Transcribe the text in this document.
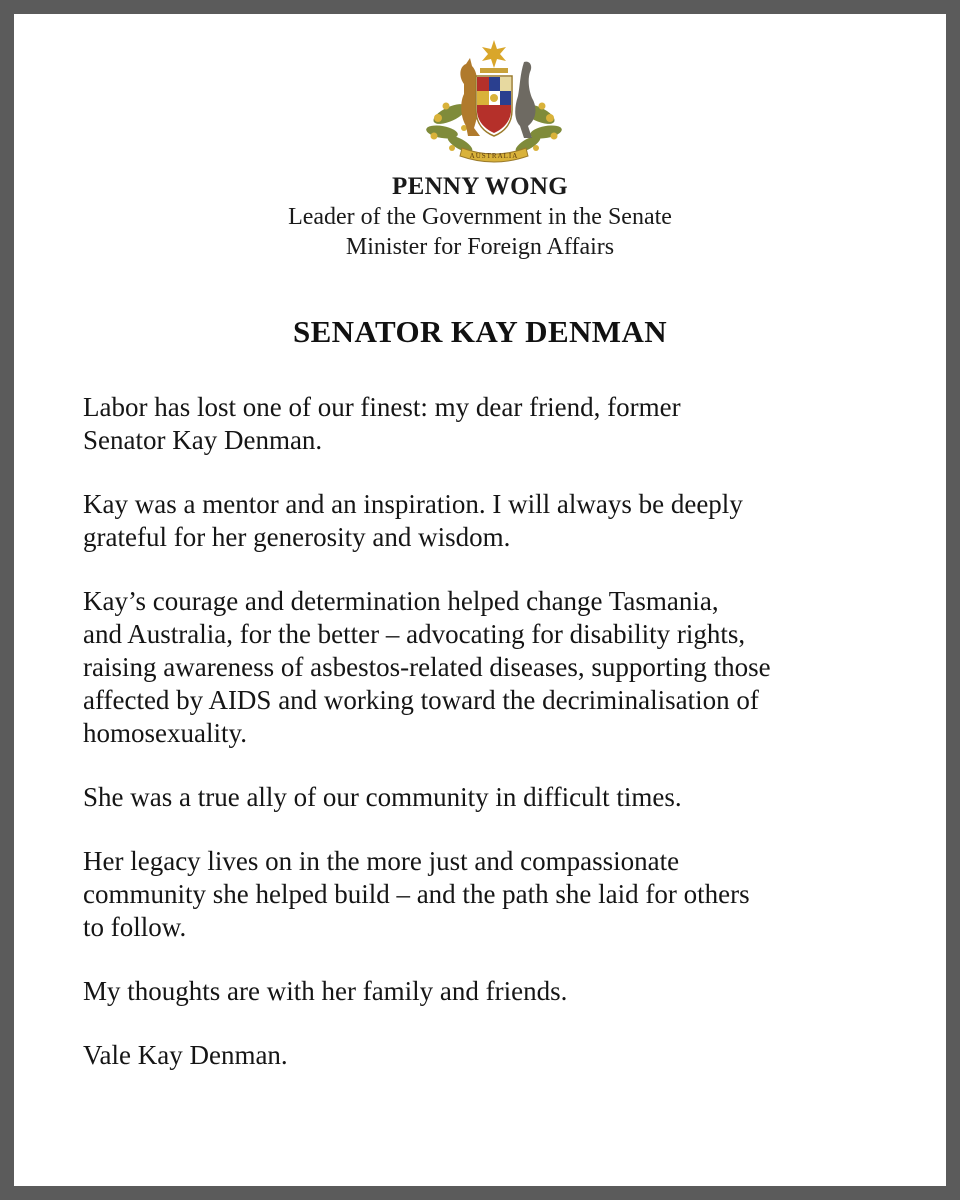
AUSTRALIA
PENNY WONG
Leader of the Government in the Senate
Minister for Foreign Affairs
SENATOR KAY DENMAN

Labor has lost one of our finest: my dear friend, former
Senator Kay Denman.

Kay was a mentor and an inspiration. I will always be deeply
grateful for her generosity and wisdom.

Kay’s courage and determination helped change Tasmania,
and Australia, for the better – advocating for disability rights,
raising awareness of asbestos-related diseases, supporting those
affected by AIDS and working toward the decriminalisation of
homosexuality.

She was a true ally of our community in difficult times.

Her legacy lives on in the more just and compassionate
community she helped build – and the path she laid for others
to follow.

My thoughts are with her family and friends.

Vale Kay Denman.
